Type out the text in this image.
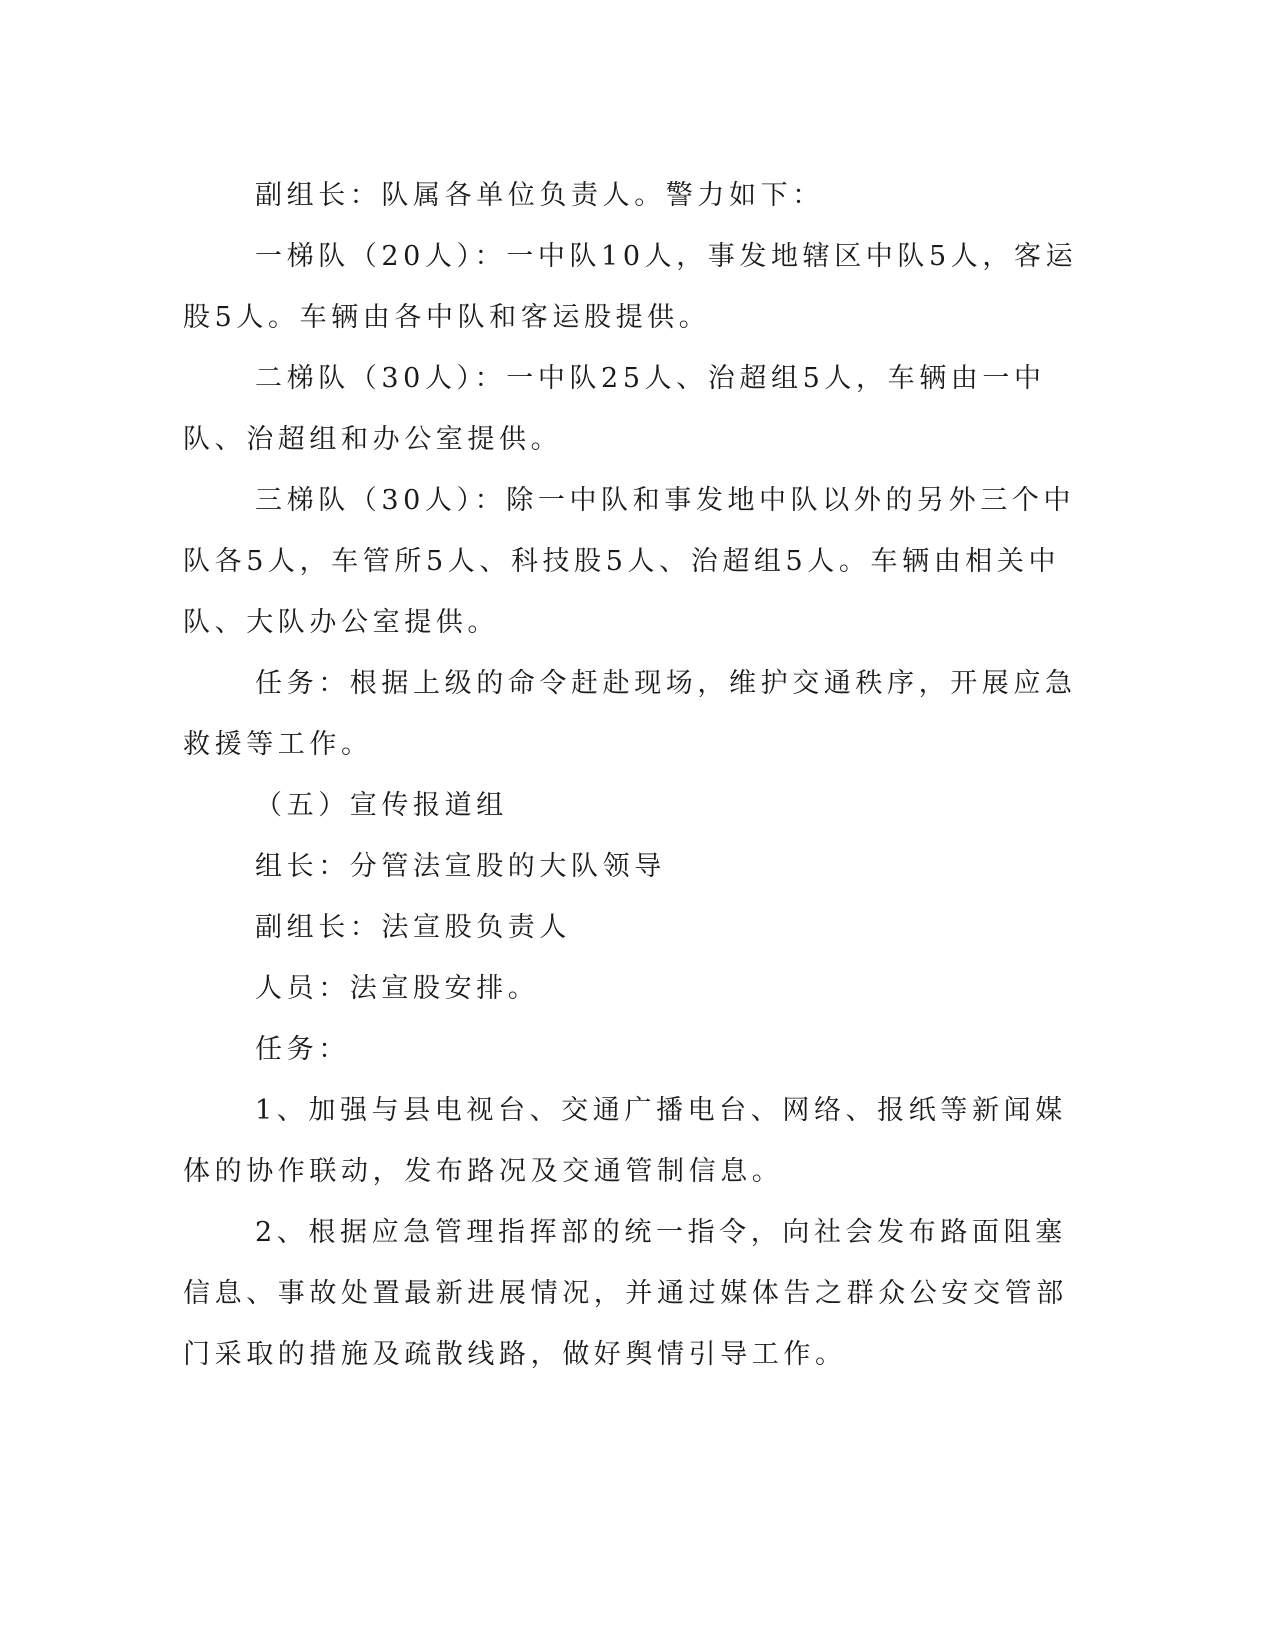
副组长：队属各单位负责人。警力如下：

一梯队（20人）：一中队10人，事发地辖区中队5人，客运股5人。车辆由各中队和客运股提供。

二梯队（30人）：一中队25人、治超组5人，车辆由一中队、治超组和办公室提供。

三梯队（30人）：除一中队和事发地中队以外的另外三个中队各5人，车管所5人、科技股5人、治超组5人。车辆由相关中队、大队办公室提供。

任务：根据上级的命令赶赴现场，维护交通秩序，开展应急救援等工作。

（五）宣传报道组

组长：分管法宣股的大队领导

副组长：法宣股负责人

人员：法宣股安排。

任务：

1、加强与县电视台、交通广播电台、网络、报纸等新闻媒体的协作联动，发布路况及交通管制信息。

2、根据应急管理指挥部的统一指令，向社会发布路面阻塞信息、事故处置最新进展情况，并通过媒体告之群众公安交管部门采取的措施及疏散线路，做好舆情引导工作。
